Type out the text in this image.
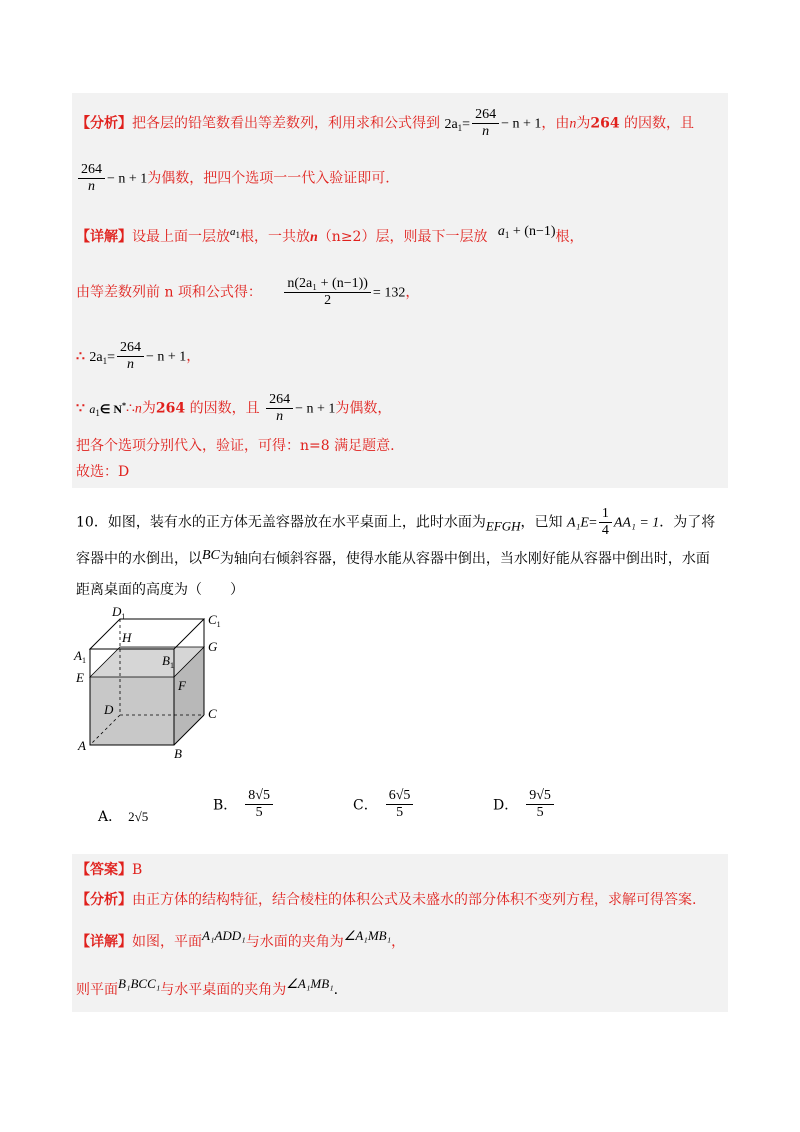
【分析】把各层的铅笔数看出等差数列，利用求和公式得到 $2a_1= \frac{264}{n} - n + 1$，由n为264 的因数，且
$\frac{264}{n} - n + 1$为偶数，把四个选项一一代入验证即可.
【详解】设最上面一层放$^{a_1}$根，一共放n（n≥2）层，则最下一层放 $a_1 + (n-1)$根，
由等差数列前 n 项和公式得： $\frac{\text{n(2a₁ + (n−1))}}{2} = 132$，
∴ $2a_1= \frac{264}{n} - n + 1$，
∵ $a_1\in$ N*∴n为264 的因数，且 $\frac{264}{n} - n + 1$为偶数，
把各个选项分别代入，验证，可得：n=8 满足题意.
故选：D
10．如图，装有水的正方体无盖容器放在水平桌面上，此时水面为EFGH，已知 $A_1E= \frac{1}{4} AA_1 = 1$．为了将
容器中的水倒出，以BC为轴向右倾斜容器，使得水能从容器中倒出，当水刚好能从容器中倒出时，水面
距离桌面的高度为（　　）
$D_1$	$C_1$
H
G
$A_1$	$B_1$
E
F
D	C
A
B
A． 2√5
B． $\frac{8√5}{5}$	C． $\frac{6√5}{5}$	D． $\frac{9√5}{5}$
【答案】B
【分析】由正方体的结构特征，结合棱柱的体积公式及未盛水的部分体积不变列方程，求解可得答案.
【详解】如图，平面A₁ADD₁与水面的夹角为∠A₁MB₁，
则平面B₁BCC₁与水平桌面的夹角为∠A₁MB₁.
